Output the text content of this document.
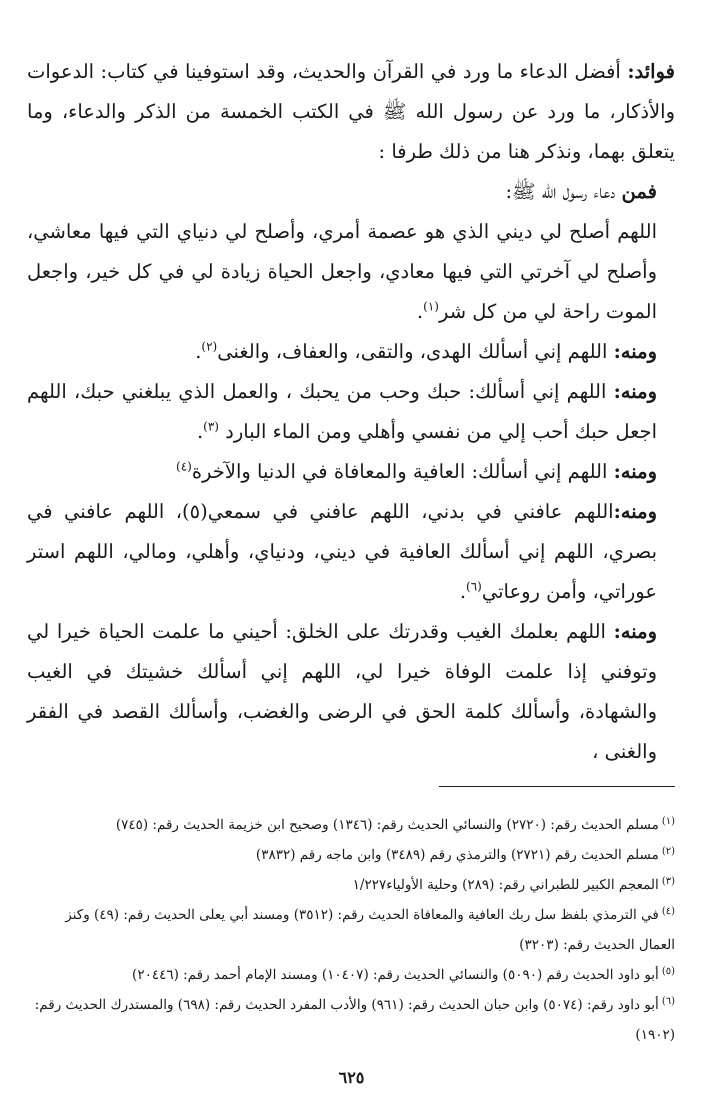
فوائد: أفضل الدعاء ما ورد في القرآن والحديث، وقد استوفينا في كتاب: الدعوات والأذكار، ما ورد عن رسول الله ﷺ في الكتب الخمسة من الذكر والدعاء، وما يتعلق بهما، ونذكر هنا من ذلك طرفا :

فمن دعاء رسول الله ﷺ:

اللهم أصلح لي ديني الذي هو عصمة أمري، وأصلح لي دنياي التي فيها معاشي، وأصلح لي آخرتي التي فيها معادي، واجعل الحياة زيادة لي في كل خير، واجعل الموت راحة لي من كل شر$^{(١)}$.

ومنه: اللهم إني أسألك الهدى، والتقى، والعفاف، والغنى$^{(٢)}$.

ومنه: اللهم إني أسألك: حبك وحب من يحبك ، والعمل الذي يبلغني حبك، اللهم اجعل حبك أحب إلي من نفسي وأهلي ومن الماء البارد $^{(٣)}$.

ومنه: اللهم إني أسألك: العافية والمعافاة في الدنيا والآخرة$^{(٤)}$

ومنه:اللهم عافني في بدني، اللهم عافني في سمعي(٥)، اللهم عافني في بصري، اللهم إني أسألك العافية في ديني، ودنياي، وأهلي، ومالي، اللهم استر عوراتي، وأمن روعاتي$^{(٦)}$.

ومنه: اللهم بعلمك الغيب وقدرتك على الخلق: أحيني ما علمت الحياة خيرا لي وتوفني إذا علمت الوفاة خيرا لي، اللهم إني أسألك خشيتك في الغيب والشهادة، وأسألك كلمة الحق في الرضى والغضب، وأسألك القصد في الفقر والغنى ،

$^{(١)}$مسلم الحديث رقم: (٢٧٢٠) والنسائي الحديث رقم: (١٣٤٦) وصحيح ابن خزيمة الحديث رقم: (٧٤٥)

$^{(٢)}$مسلم الحديث رقم (٢٧٢١) والترمذي رقم (٣٤٨٩) وابن ماجه رقم (٣٨٣٢)

$^{(٣)}$المعجم الكبير للطبراني رقم: (٢٨٩) وحلية الأولياء١/٢٢٧

$^{(٤)}$في الترمذي بلفظ سل ربك العافية والمعافاة الحديث رقم: (٣٥١٢) ومسند أبي يعلى الحديث رقم: (٤٩) وكنز العمال الحديث رقم: (٣٢٠٣)

$^{(٥)}$أبو داود الحديث رقم (٥٠٩٠) والنسائي الحديث رقم: (١٠٤٠٧) ومسند الإمام أحمد رقم: (٢٠٤٤٦)

$^{(٦)}$أبو داود رقم: (٥٠٧٤) وابن حبان الحديث رقم: (٩٦١) والأدب المفرد الحديث رقم: (٦٩٨) والمستدرك الحديث رقم: (١٩٠٢)

٦٢٥
